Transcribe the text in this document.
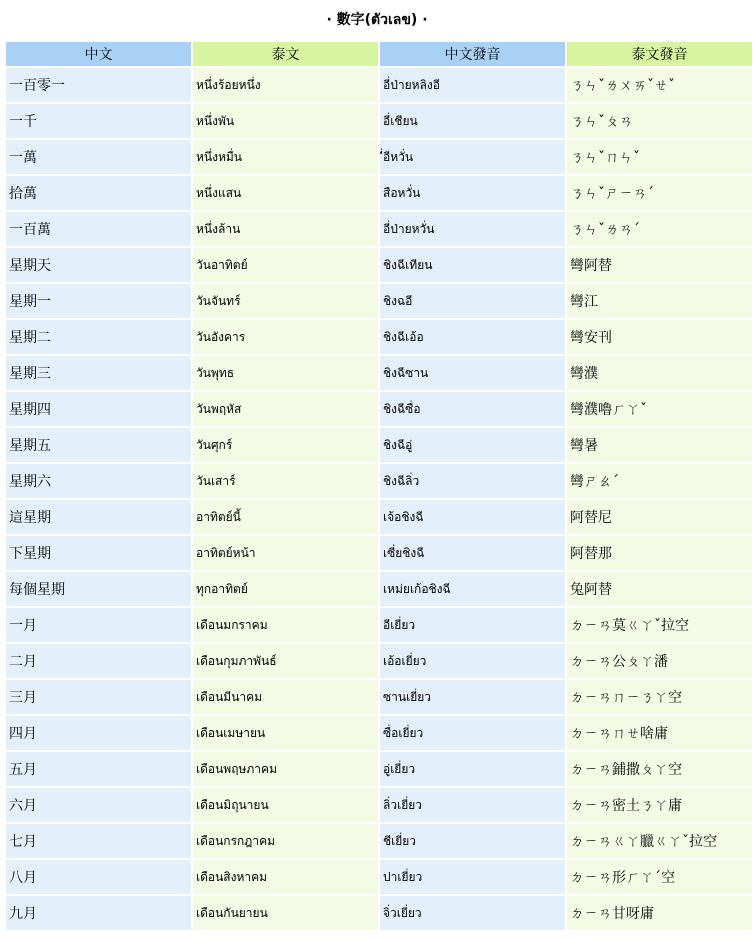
· 數字(ตัวเลข) ·
中文	泰文	中文發音	泰文發音
一百零一	หนึ่งร้อยหนึ่ง	อี่ป่ายหลิงอี	ㄋㄣˇㄌㄨㄞˇㄝˇ
一千	หนึ่งพัน	อี่เชียน	ㄋㄣˇㄆㄢ
一萬	หนึ่งหมื่น	ี่อีหวั่น	ㄋㄣˇㄇㄣˇ
拾萬	หนึ่งแสน	สือหวั่น	ㄋㄣˇㄕㄧㄢˊ
一百萬	หนึ่งล้าน	อี่ป่ายหวั่น	ㄋㄣˇㄌㄢˊ
星期天	วันอาทิตย์	ชิงฉีเทียน	彎阿替
星期一	วันจันทร์	ชิงฉอี	彎江
星期二	วันอังคาร	ชิงฉีเอ้อ	彎安刊
星期三	วันพุทธ	ชิงฉีซาน	彎濮
星期四	วันพฤหัส	ชิงฉีซื่อ	彎濮嚕ㄏㄚˇ
星期五	วันศุกร์	ชิงฉีอู่	彎暑
星期六	วันเสาร์	ชิงฉีลิ่ว	彎ㄕㄠˊ
這星期	อาทิตย์นี้	เจ้อชิงฉี	阿替尼
下星期	อาทิตย์หน้า	เซี่ยชิงฉี	阿替那
每個星期	ทุกอาทิตย์	เหม่ยเก้อชิงฉี	兔阿替
一月	เดือนมกราคม	อีเยี่ยว	ㄉㄧㄢ莫ㄍㄚˇ拉空
二月	เดือนกุมภาพันธ์	เอ้อเยี่ยว	ㄉㄧㄢ公ㄆㄚ潘
三月	เดือนมีนาคม	ซานเยี่ยว	ㄉㄧㄢㄇㄧㄋㄚ空
四月	เดือนเมษายน	ซื่อเยี่ยว	ㄉㄧㄢㄇㄝ啥庸
五月	เดือนพฤษภาคม	อู่เยี่ยว	ㄉㄧㄢ鋪撒ㄆㄚ空
六月	เดือนมิถุนายน	ลิ่วเยี่ยว	ㄉㄧㄢ密土ㄋㄚ庸
七月	เดือนกรกฎาคม	ชีเยี่ยว	ㄉㄧㄢㄍㄚ臘ㄍㄚˇ拉空
八月	เดือนสิงหาคม	ปาเยี่ยว	ㄉㄧㄢ形ㄏㄚˊ空
九月	เดือนกันยายน	จิ่วเยี่ยว	ㄉㄧㄢ甘呀庸
